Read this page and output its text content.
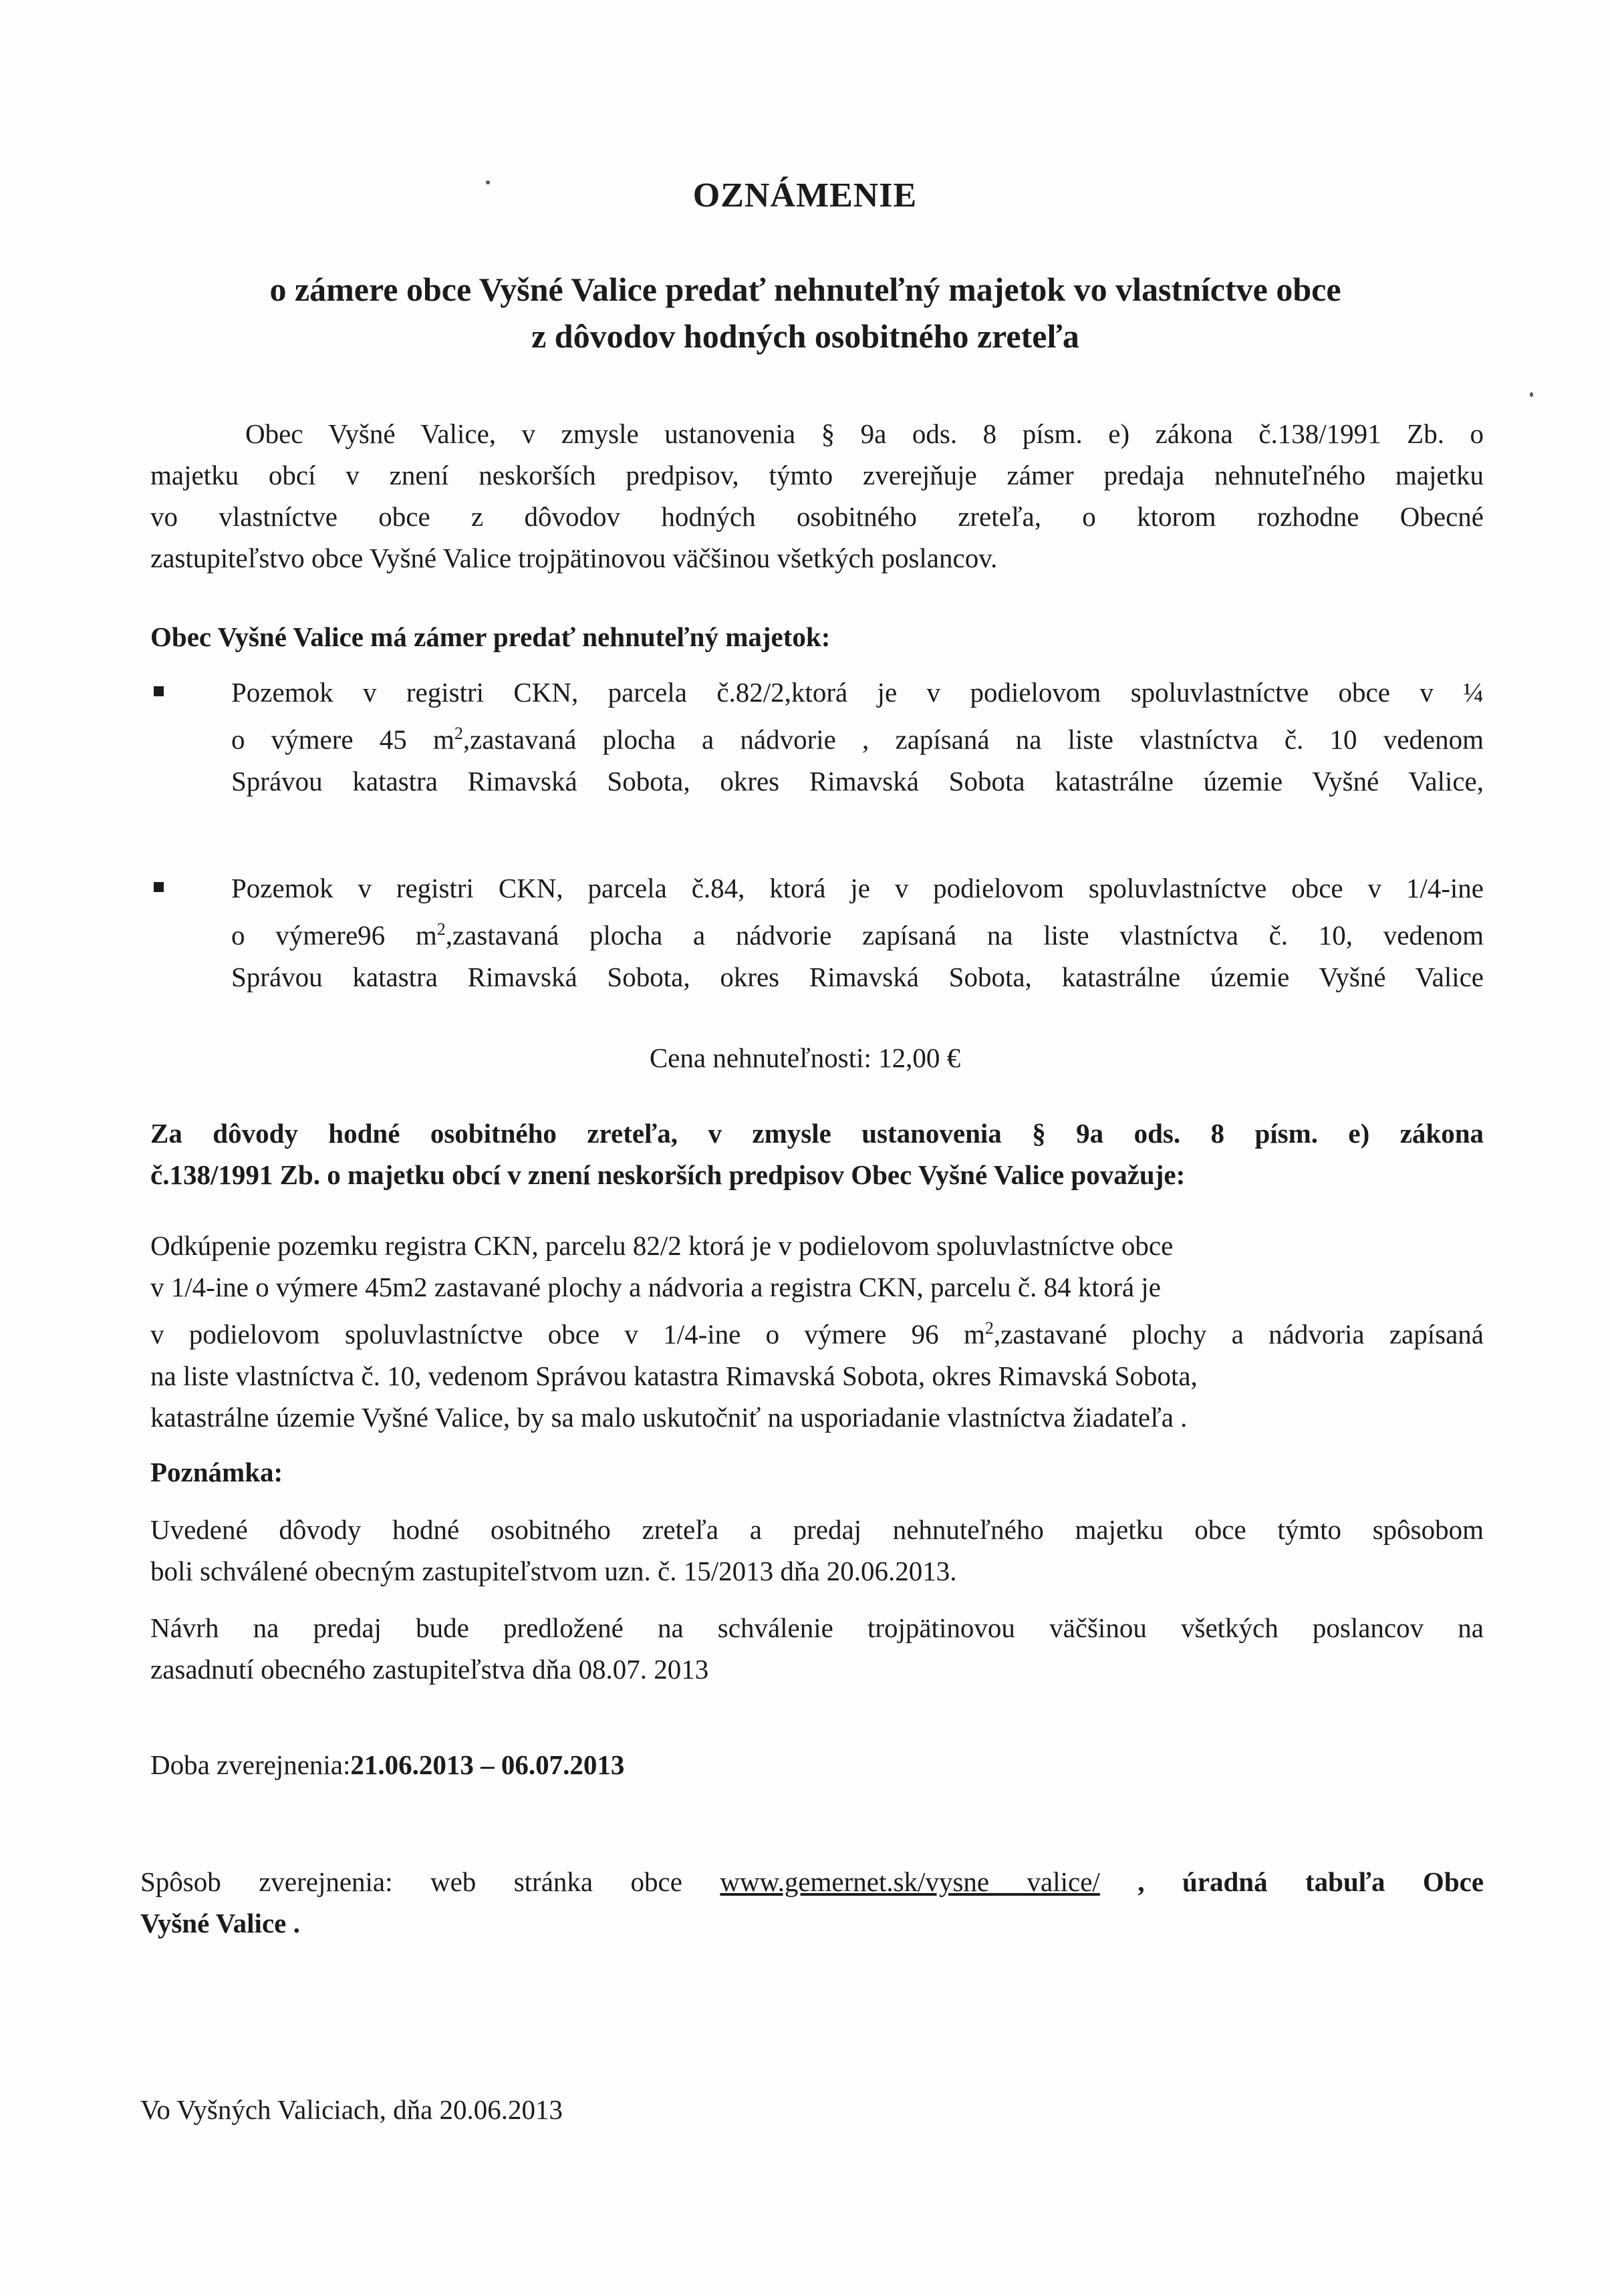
OZNÁMENIE
o zámere obce Vyšné Valice predať nehnuteľný majetok vo vlastníctve obce
z dôvodov hodných osobitného zreteľa
Obec Vyšné Valice, v zmysle ustanovenia § 9a ods. 8 písm. e) zákona č.138/1991 Zb. o
majetku obcí v znení neskorších predpisov, týmto zverejňuje zámer predaja nehnuteľného majetku
vo vlastníctve obce z dôvodov hodných osobitného zreteľa, o ktorom rozhodne Obecné
zastupiteľstvo obce Vyšné Valice trojpätinovou väčšinou všetkých poslancov.
Obec Vyšné Valice má zámer predať nehnuteľný majetok:
Pozemok v registri CKN, parcela č.82/2,ktorá je v podielovom spoluvlastníctve obce v ¼
o výmere 45 $m^2,zastavaná$ plocha a nádvorie , zapísaná na liste vlastníctva č. 10 vedenom
Správou katastra Rimavská Sobota, okres Rimavská Sobota katastrálne územie Vyšné Valice,
Pozemok v registri CKN, parcela č.84, ktorá je v podielovom spoluvlastníctve obce v 1/4-ine
o výmere96 $m^2,zastavaná$ plocha a nádvorie zapísaná na liste vlastníctva č. 10, vedenom
Správou katastra Rimavská Sobota, okres Rimavská Sobota, katastrálne územie Vyšné Valice
Cena nehnuteľnosti: 12,00 €
Za dôvody hodné osobitného zreteľa, v zmysle ustanovenia § 9a ods. 8 písm. e) zákona
č.138/1991 Zb. o majetku obcí v znení neskorších predpisov Obec Vyšné Valice považuje:
Odkúpenie pozemku registra CKN, parcelu 82/2 ktorá je v podielovom spoluvlastníctve obce
v 1/4-ine o výmere 45m2 zastavané plochy a nádvoria a registra CKN, parcelu č. 84 ktorá je
v podielovom spoluvlastníctve obce v 1/4-ine o výmere 96 $m^2,zastavané$ plochy a nádvoria zapísaná
na liste vlastníctva č. 10, vedenom Správou katastra Rimavská Sobota, okres Rimavská Sobota,
katastrálne územie Vyšné Valice, by sa malo uskutočniť na usporiadanie vlastníctva žiadateľa .
Poznámka:
Uvedené dôvody hodné osobitného zreteľa a predaj nehnuteľného majetku obce týmto spôsobom
boli schválené obecným zastupiteľstvom uzn. č. 15/2013 dňa 20.06.2013.
Návrh na predaj bude predložené na schválenie trojpätinovou väčšinou všetkých poslancov na
zasadnutí obecného zastupiteľstva dňa 08.07. 2013
Doba zverejnenia:21.06.2013 – 06.07.2013
Spôsob zverejnenia: web stránka obce www.gemernet.sk/vysne valice/ , úradná tabuľa Obce
Vyšné Valice .
Vo Vyšných Valiciach, dňa 20.06.2013
